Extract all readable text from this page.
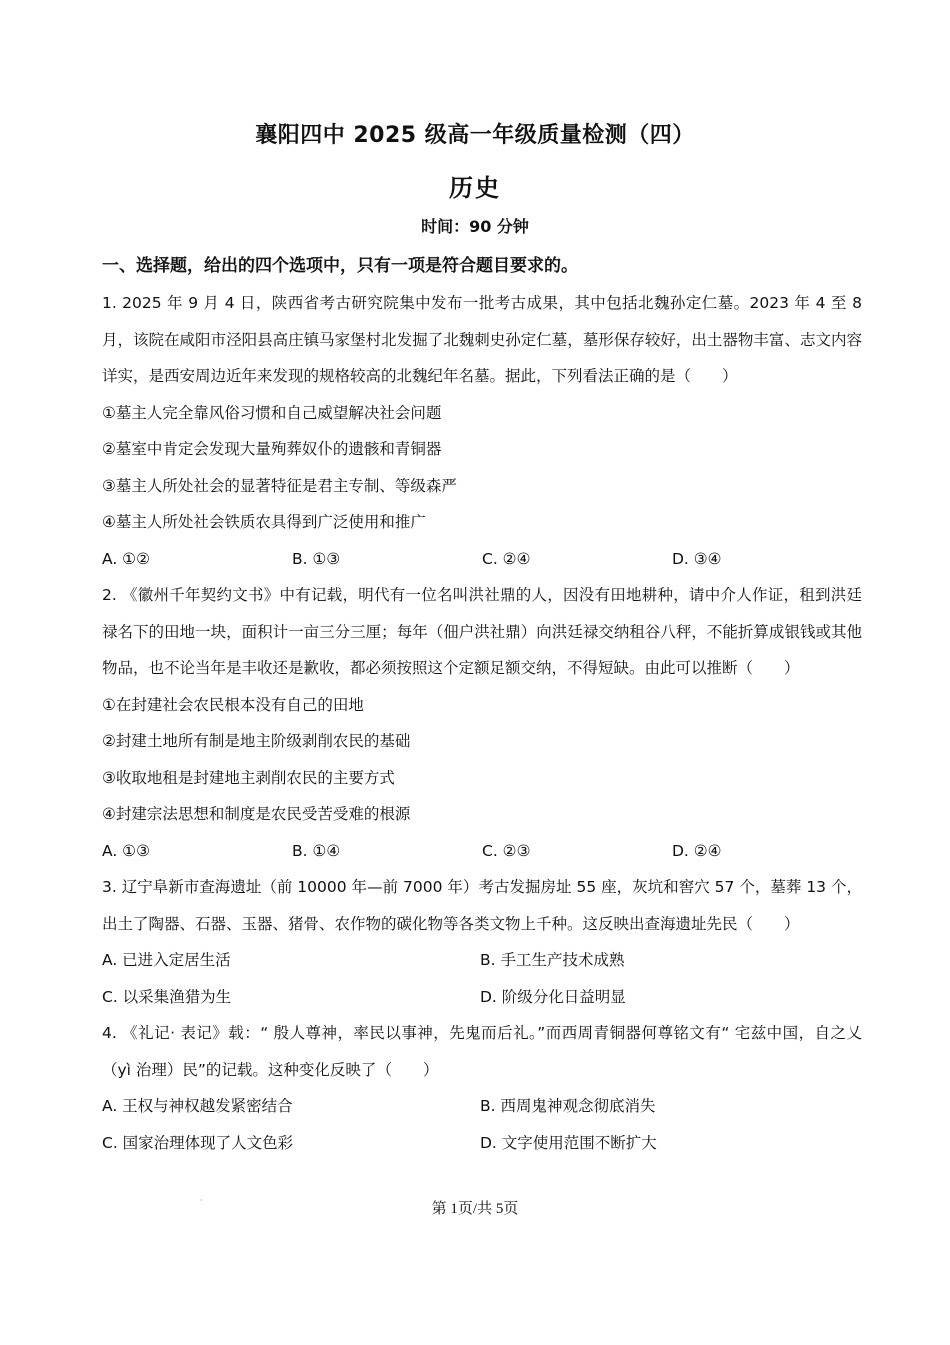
襄阳四中 2025 级高一年级质量检测（四）
历史
时间：90 分钟
一、选择题，给出的四个选项中，只有一项是符合题目要求的。

1. 2025 年 9 月 4 日，陕西省考古研究院集中发布一批考古成果，其中包括北魏孙定仁墓。2023 年 4 至 8 月，该院在咸阳市泾阳县高庄镇马家堡村北发掘了北魏刺史孙定仁墓，墓形保存较好，出土器物丰富、志文内容详实，是西安周边近年来发现的规格较高的北魏纪年名墓。据此，下列看法正确的是（　　）

①墓主人完全靠风俗习惯和自己威望解决社会问题

②墓室中肯定会发现大量殉葬奴仆的遗骸和青铜器

③墓主人所处社会的显著特征是君主专制、等级森严

④墓主人所处社会铁质农具得到广泛使用和推广

A. ①②	B. ①③	C. ②④	D. ③④

2. 《徽州千年契约文书》中有记载，明代有一位名叫洪社鼎的人，因没有田地耕种，请中介人作证，租到洪廷禄名下的田地一块，面积计一亩三分三厘；每年（佃户洪社鼎）向洪廷禄交纳租谷八秤，不能折算成银钱或其他物品，也不论当年是丰收还是歉收，都必须按照这个定额足额交纳，不得短缺。由此可以推断（　　）

①在封建社会农民根本没有自己的田地

②封建土地所有制是地主阶级剥削农民的基础

③收取地租是封建地主剥削农民的主要方式

④封建宗法思想和制度是农民受苦受难的根源

A. ①③	B. ①④	C. ②③	D. ②④

3. 辽宁阜新市查海遗址（前 10000 年—前 7000 年）考古发掘房址 55 座，灰坑和窖穴 57 个，墓葬 13 个，出土了陶器、石器、玉器、猪骨、农作物的碳化物等各类文物上千种。这反映出查海遗址先民（　　）

A. 已进入定居生活	B. 手工生产技术成熟
C. 以采集渔猎为生	D. 阶级分化日益明显

4. 《礼记· 表记》载：“ 殷人尊神，率民以事神，先鬼而后礼。”而西周青铜器何尊铭文有“ 宅兹中国，自之乂（yì 治理）民”的记载。这种变化反映了（　　）

A. 王权与神权越发紧密结合	B. 西周鬼神观念彻底消失
C. 国家治理体现了人文色彩	D. 文字使用范围不断扩大
·
第 1页/共 5页
